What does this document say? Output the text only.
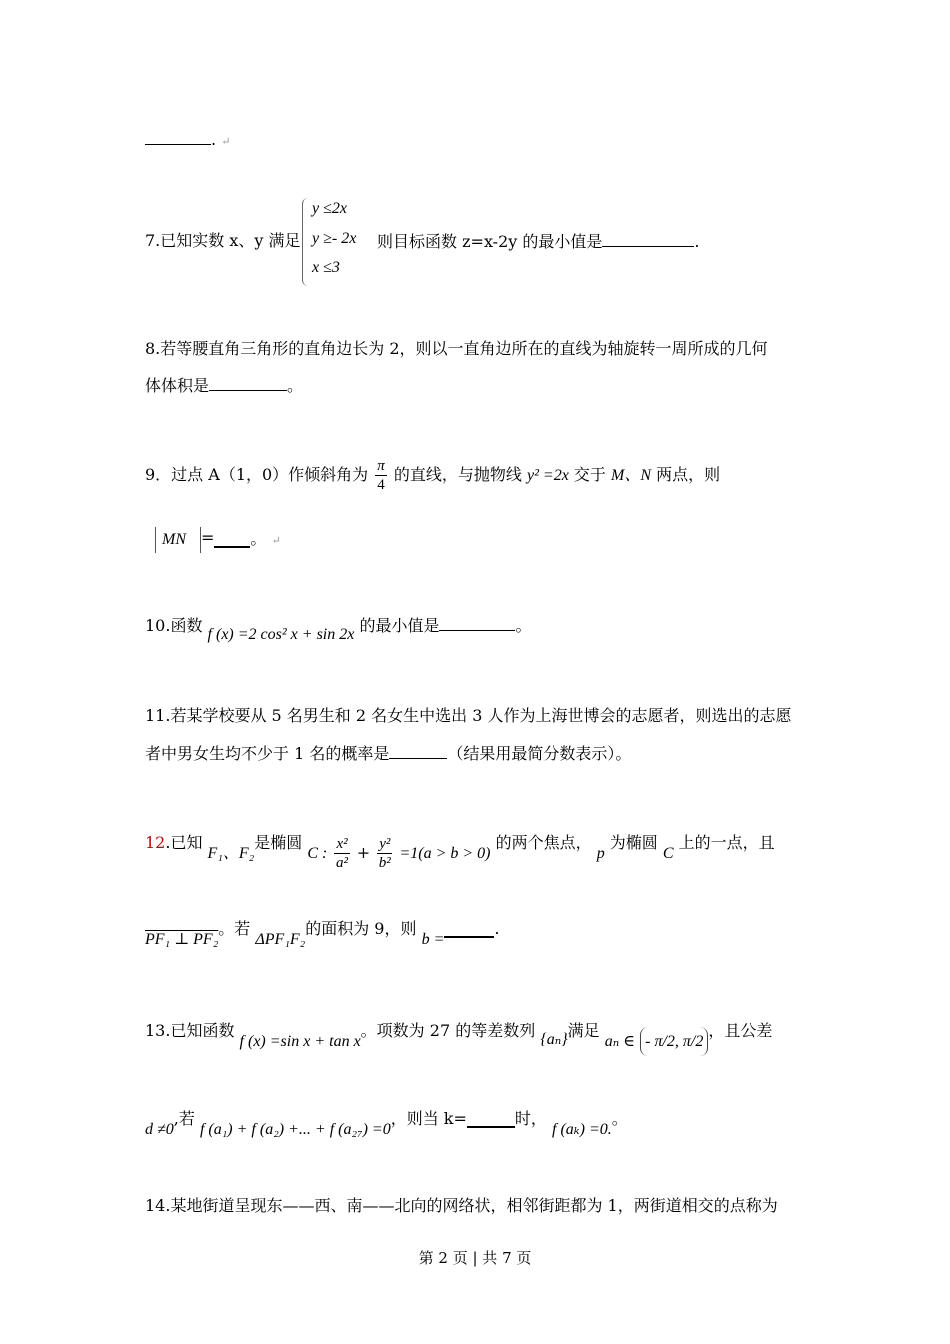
. ↵
7.已知实数 x、y 满足
y ≤2x
y ≥- 2x
x ≤3
则目标函数 z=x-2y 的最小值是	.
8.若等腰直角三角形的直角边长为 2，则以一直角边所在的直线为轴旋转一周所成的几何
体体积是	。
9．过点 A（1，0）作倾斜角为 $\frac{\pi}{4}$ 的直线，与抛物线 y² =2x 交于 M、N 两点，则
MN = 。 ↵
10.函数 f (x) =2 cos² x + sin 2x 的最小值是	。
11.若某学校要从 5 名男生和 2 名女生中选出 3 人作为上海世博会的志愿者，则选出的志愿
者中男女生均不少于 1 名的概率是	（结果用最简分数表示）。
12.已知 F₁、F₂是椭圆 C : $\frac{\text{x²}}{\text{a²}} + \frac{\text{y²}}{\text{b²}} =1(a > b > 0)$ 的两个焦点， p 为椭圆 C 上的一点，且
PF₁ ⊥ PF₂。若 ΔPF₁F₂的面积为 9，则 b =.
13.已知函数 f (x) =sin x + tan x。项数为 27 的等差数列 {aₙ}满足 aₙ ∈ - π/2, π/2，且公差
d ≠0,若 f (a₁) + f (a₂) +... + f (a₂₇) =0，则当 k=	时， f (aₖ) =0.。
14.某地街道呈现东——西、南——北向的网络状，相邻街距都为 1，两街道相交的点称为
第 2 页 | 共 7 页
